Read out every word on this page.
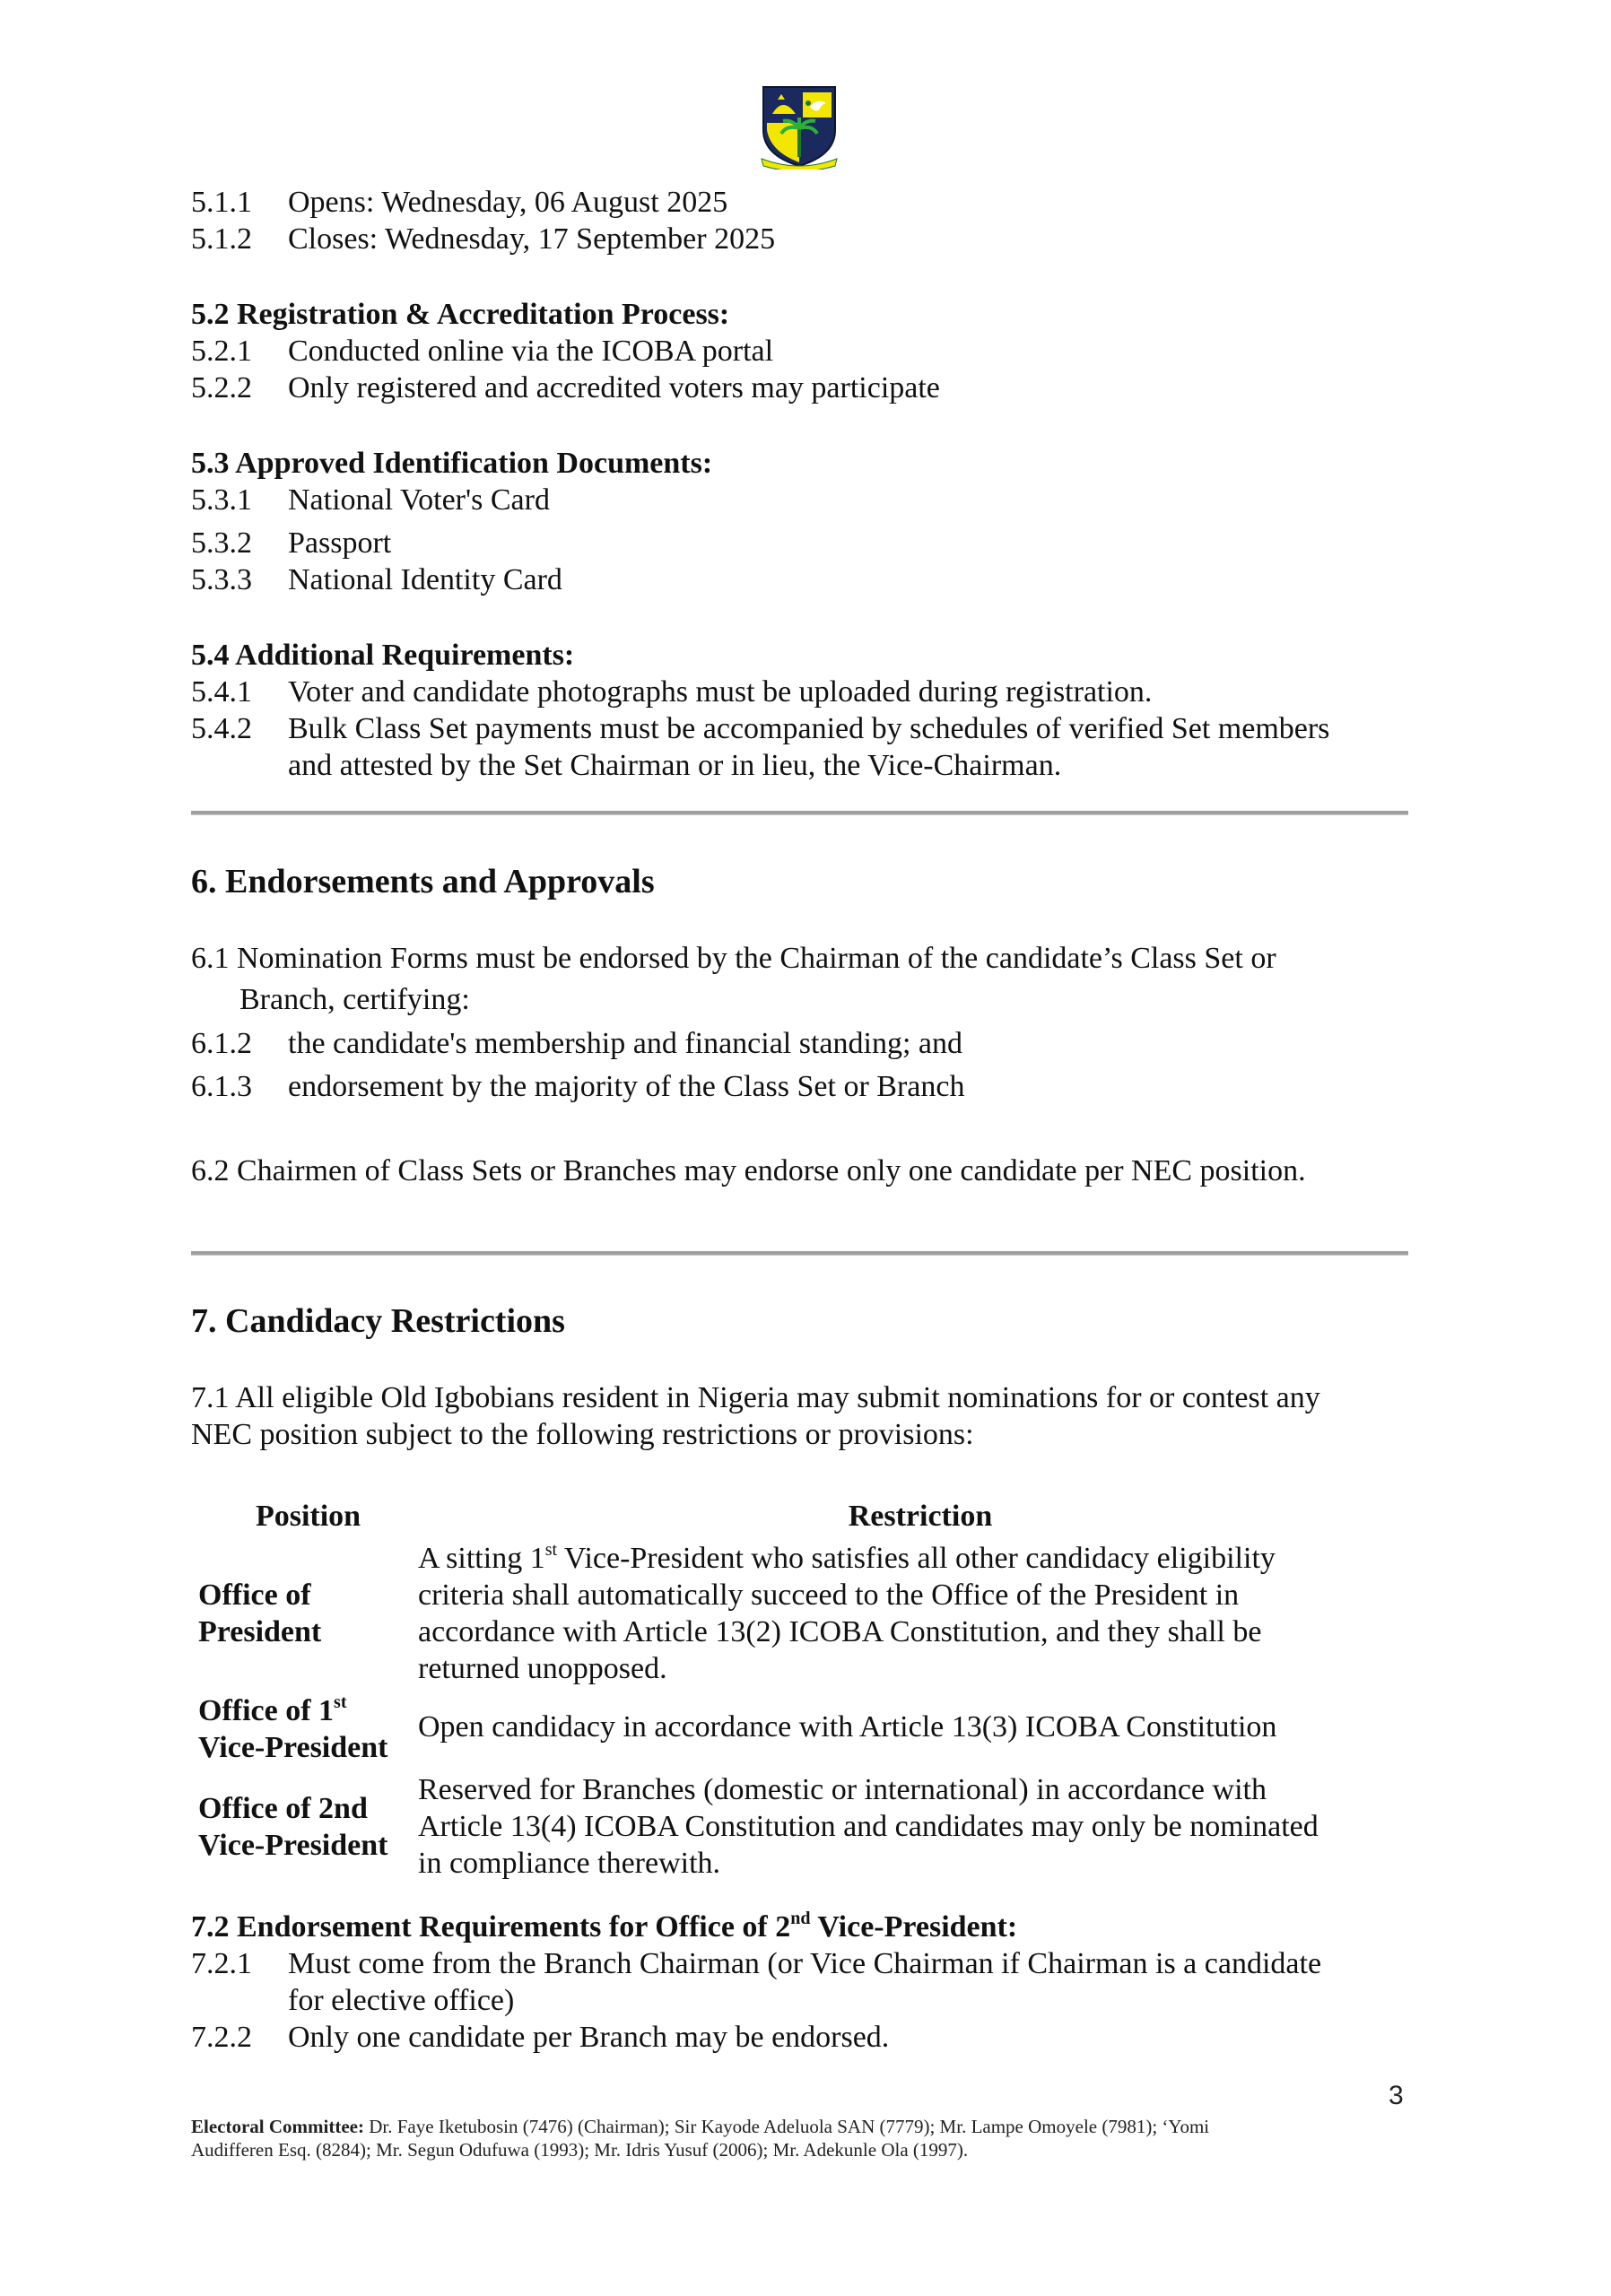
5.1.1 Opens: Wednesday, 06 August 2025
5.1.2 Closes: Wednesday, 17 September 2025
5.2 Registration & Accreditation Process:
5.2.1 Conducted online via the ICOBA portal
5.2.2 Only registered and accredited voters may participate
5.3 Approved Identification Documents:
5.3.1 National Voter's Card
5.3.2 Passport
5.3.3 National Identity Card
5.4 Additional Requirements:
5.4.1 Voter and candidate photographs must be uploaded during registration.
5.4.2 Bulk Class Set payments must be accompanied by schedules of verified Set members
and attested by the Set Chairman or in lieu, the Vice-Chairman.
6. Endorsements and Approvals
6.1 Nomination Forms must be endorsed by the Chairman of the candidate’s Class Set or
Branch, certifying:
6.1.2 the candidate's membership and financial standing; and
6.1.3 endorsement by the majority of the Class Set or Branch
6.2 Chairmen of Class Sets or Branches may endorse only one candidate per NEC position.
7. Candidacy Restrictions
7.1 All eligible Old Igbobians resident in Nigeria may submit nominations for or contest any
NEC position subject to the following restrictions or provisions:
Position	Restriction
Office of
President	A sitting 1st Vice-President who satisfies all other candidacy eligibility
criteria shall automatically succeed to the Office of the President in
accordance with Article 13(2) ICOBA Constitution, and they shall be
returned unopposed.
Office of 1st
Vice-President	Open candidacy in accordance with Article 13(3) ICOBA Constitution
Office of 2nd
Vice-President	Reserved for Branches (domestic or international) in accordance with
Article 13(4) ICOBA Constitution and candidates may only be nominated
in compliance therewith.
7.2 Endorsement Requirements for Office of 2nd Vice-President:
7.2.1 Must come from the Branch Chairman (or Vice Chairman if Chairman is a candidate
for elective office)
7.2.2 Only one candidate per Branch may be endorsed.
3
Electoral Committee: Dr. Faye Iketubosin (7476) (Chairman); Sir Kayode Adeluola SAN (7779); Mr. Lampe Omoyele (7981); ‘Yomi
Audifferen Esq. (8284); Mr. Segun Odufuwa (1993); Mr. Idris Yusuf (2006); Mr. Adekunle Ola (1997).
